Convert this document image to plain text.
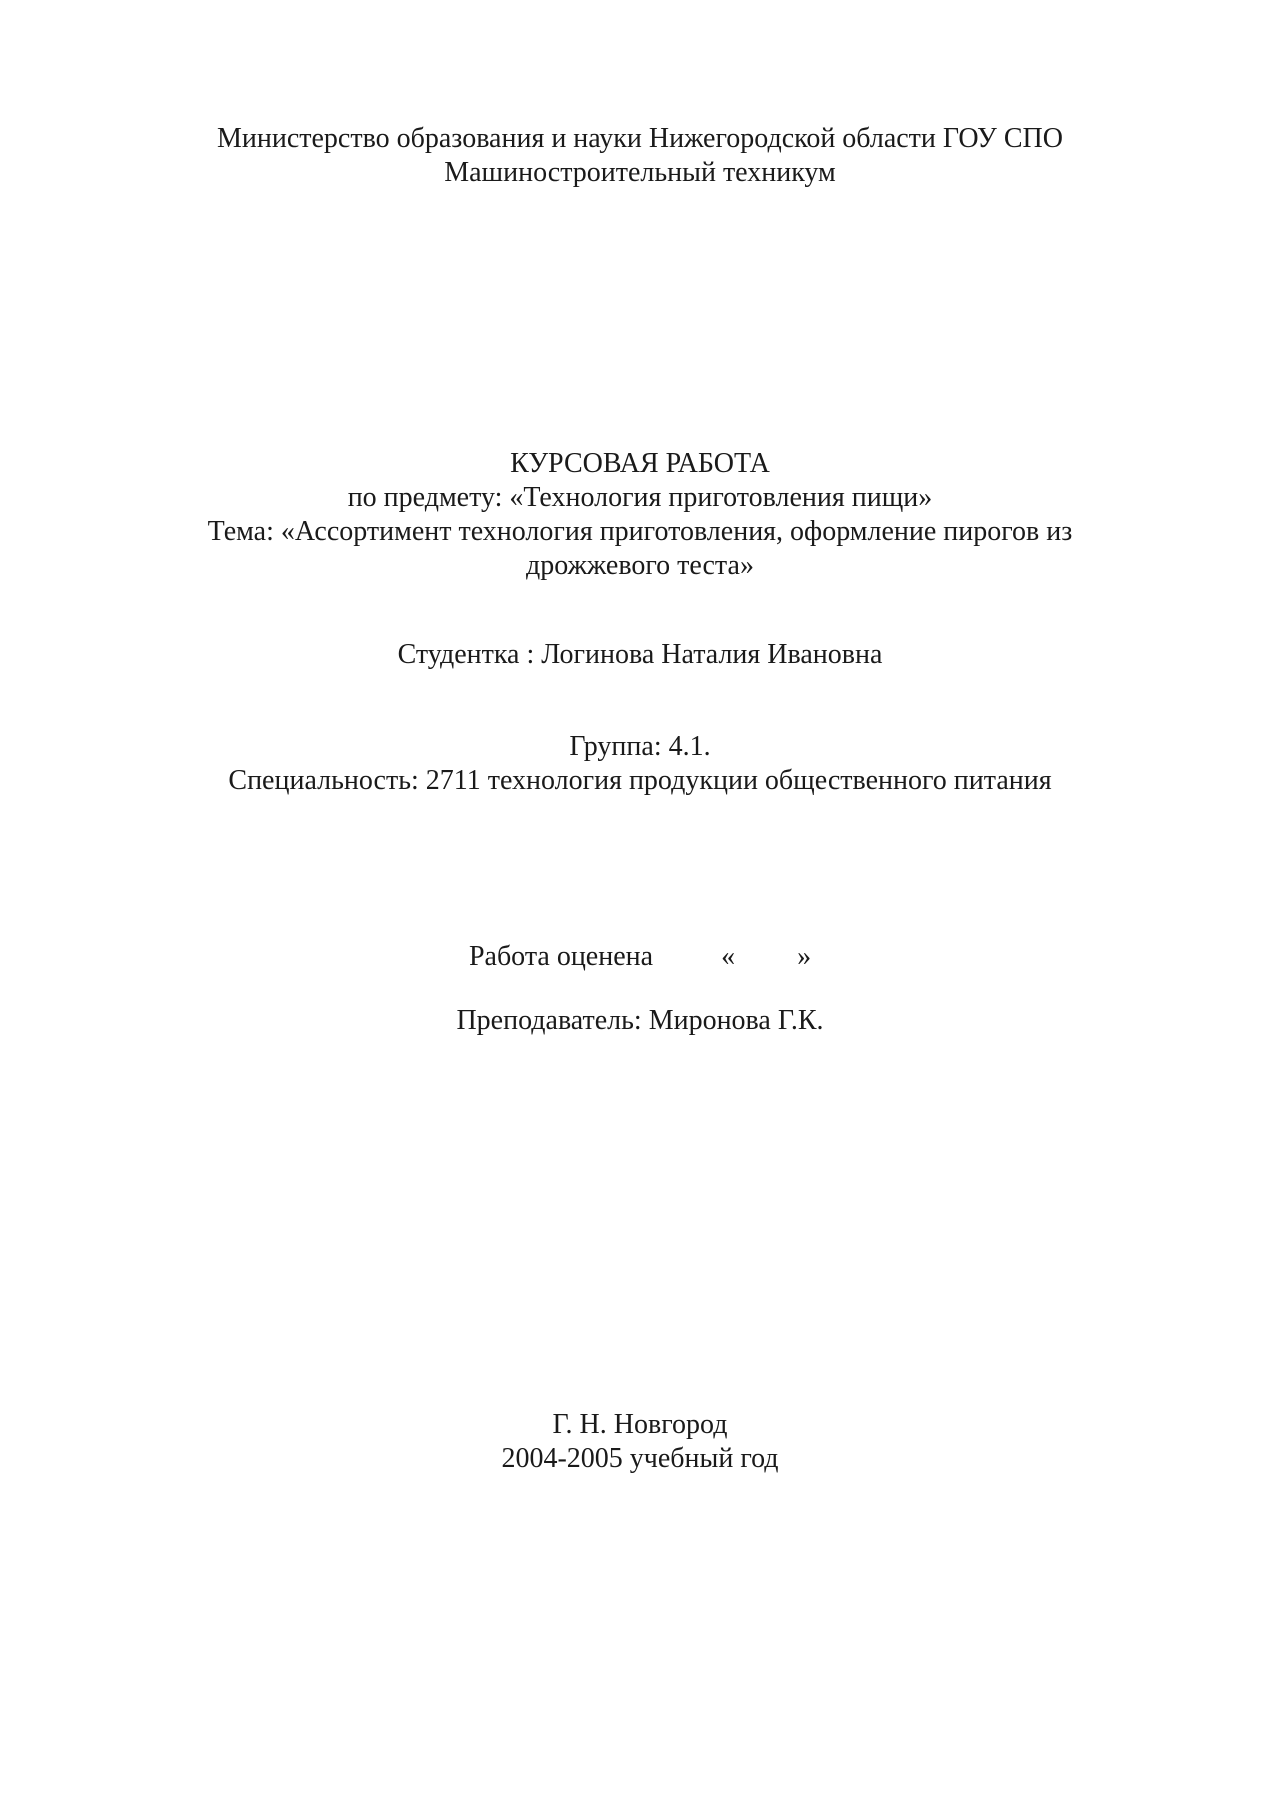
Министерство образования и науки Нижегородской области ГОУ СПО
Машиностроительный техникум
КУРСОВАЯ РАБОТА
по предмету: «Технология приготовления пищи»
Тема: «Ассортимент технология приготовления, оформление пирогов из дрожжевого теста»
Студентка : Логинова Наталия Ивановна
Группа: 4.1.
Специальность: 2711 технология продукции общественного питания
Работа оценена « »
Преподаватель: Миронова Г.К.
Г. Н. Новгород
2004-2005 учебный год
